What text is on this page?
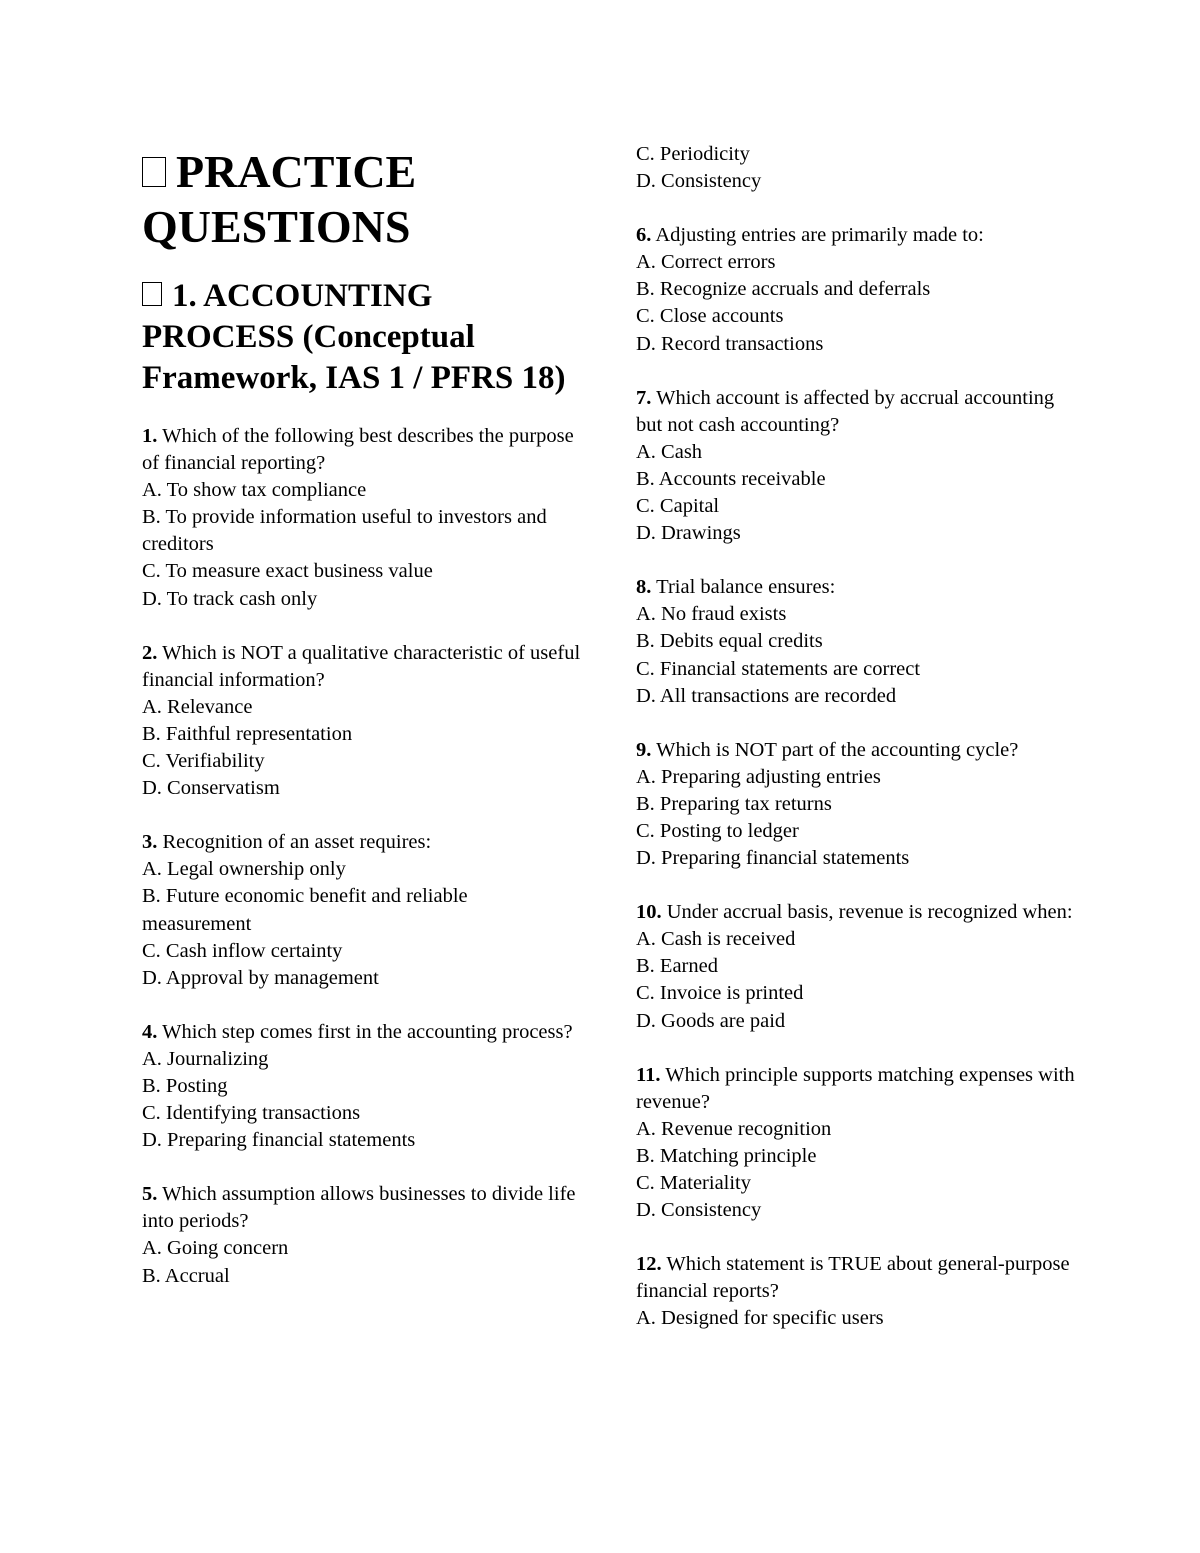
PRACTICE QUESTIONS
1. ACCOUNTING PROCESS (Conceptual Framework, IAS 1 / PFRS 18)
1. Which of the following best describes the purpose of financial reporting?
A. To show tax compliance
B. To provide information useful to investors and creditors
C. To measure exact business value
D. To track cash only
2. Which is NOT a qualitative characteristic of useful financial information?
A. Relevance
B. Faithful representation
C. Verifiability
D. Conservatism
3. Recognition of an asset requires:
A. Legal ownership only
B. Future economic benefit and reliable measurement
C. Cash inflow certainty
D. Approval by management
4. Which step comes first in the accounting process?
A. Journalizing
B. Posting
C. Identifying transactions
D. Preparing financial statements
5. Which assumption allows businesses to divide life into periods?
A. Going concern
B. Accrual
C. Periodicity
D. Consistency
6. Adjusting entries are primarily made to:
A. Correct errors
B. Recognize accruals and deferrals
C. Close accounts
D. Record transactions
7. Which account is affected by accrual accounting but not cash accounting?
A. Cash
B. Accounts receivable
C. Capital
D. Drawings
8. Trial balance ensures:
A. No fraud exists
B. Debits equal credits
C. Financial statements are correct
D. All transactions are recorded
9. Which is NOT part of the accounting cycle?
A. Preparing adjusting entries
B. Preparing tax returns
C. Posting to ledger
D. Preparing financial statements
10. Under accrual basis, revenue is recognized when:
A. Cash is received
B. Earned
C. Invoice is printed
D. Goods are paid
11. Which principle supports matching expenses with revenue?
A. Revenue recognition
B. Matching principle
C. Materiality
D. Consistency
12. Which statement is TRUE about general-purpose financial reports?
A. Designed for specific users
